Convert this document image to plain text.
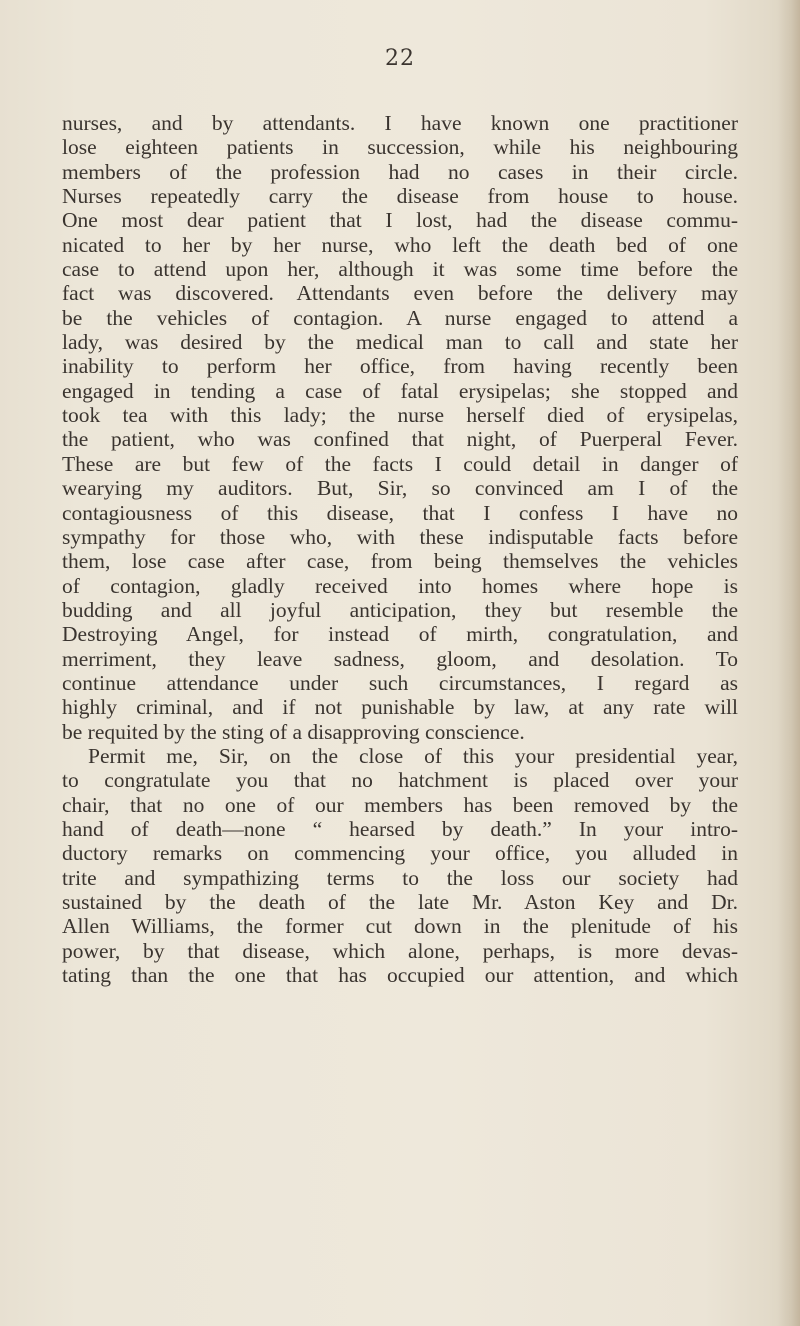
22
nurses, and by attendants. I have known one practitioner
lose eighteen patients in succession, while his neighbouring
members of the profession had no cases in their circle.
Nurses repeatedly carry the disease from house to house.
One most dear patient that I lost, had the disease commu-
nicated to her by her nurse, who left the death bed of one
case to attend upon her, although it was some time before the
fact was discovered. Attendants even before the delivery may
be the vehicles of contagion. A nurse engaged to attend a
lady, was desired by the medical man to call and state her
inability to perform her office, from having recently been
engaged in tending a case of fatal erysipelas; she stopped and
took tea with this lady; the nurse herself died of erysipelas,
the patient, who was confined that night, of Puerperal Fever.
These are but few of the facts I could detail in danger of
wearying my auditors. But, Sir, so convinced am I of the
contagiousness of this disease, that I confess I have no
sympathy for those who, with these indisputable facts before
them, lose case after case, from being themselves the vehicles
of contagion, gladly received into homes where hope is
budding and all joyful anticipation, they but resemble the
Destroying Angel, for instead of mirth, congratulation, and
merriment, they leave sadness, gloom, and desolation. To
continue attendance under such circumstances, I regard as
highly criminal, and if not punishable by law, at any rate will
be requited by the sting of a disapproving conscience.
Permit me, Sir, on the close of this your presidential year,
to congratulate you that no hatchment is placed over your
chair, that no one of our members has been removed by the
hand of death—none “ hearsed by death.” In your intro-
ductory remarks on commencing your office, you alluded in
trite and sympathizing terms to the loss our society had
sustained by the death of the late Mr. Aston Key and Dr.
Allen Williams, the former cut down in the plenitude of his
power, by that disease, which alone, perhaps, is more devas-
tating than the one that has occupied our attention, and which
